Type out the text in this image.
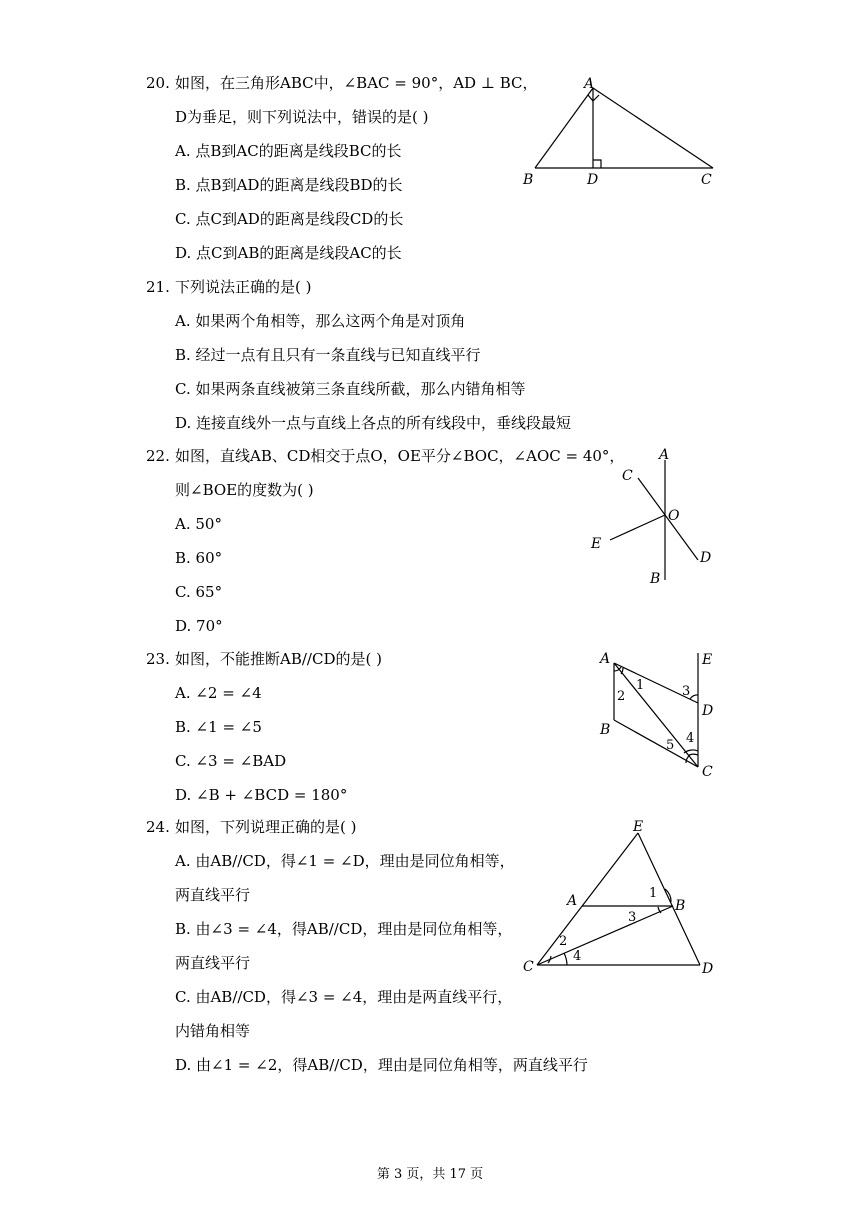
20. 如图，在三角形ABC中，∠BAC = 90°，AD ⊥ BC，
D为垂足，则下列说法中，错误的是( )
A. 点B到AC的距离是线段BC的长
B. 点B到AD的距离是线段BD的长
C. 点C到AD的距离是线段CD的长
D. 点C到AB的距离是线段AC的长
A
B	D	C
21. 下列说法正确的是( )
A. 如果两个角相等，那么这两个角是对顶角
B. 经过一点有且只有一条直线与已知直线平行
C. 如果两条直线被第三条直线所截，那么内错角相等
D. 连接直线外一点与直线上各点的所有线段中，垂线段最短
22. 如图，直线AB、CD相交于点O，OE平分∠BOC，∠AOC = 40°，
则∠BOE的度数为( )
A. 50°
B. 60°
C. 65°
D. 70°
A
C
O
E
D
B
23. 如图，不能推断AB//CD的是( )
A. ∠2 = ∠4
B. ∠1 = ∠5
C. ∠3 = ∠BAD
D. ∠B + ∠BCD = 180°
A	E
D
B
C
1
2	3
4
5
24. 如图，下列说理正确的是( )
A. 由AB//CD，得∠1 = ∠D，理由是同位角相等，
两直线平行
B. 由∠3 = ∠4，得AB//CD，理由是同位角相等，
两直线平行
C. 由AB//CD，得∠3 = ∠4，理由是两直线平行，
内错角相等
D. 由∠1 = ∠2，得AB//CD，理由是同位角相等，两直线平行
E
A	B
C	D
1
3
2
4
第 3 页，共 17 页
